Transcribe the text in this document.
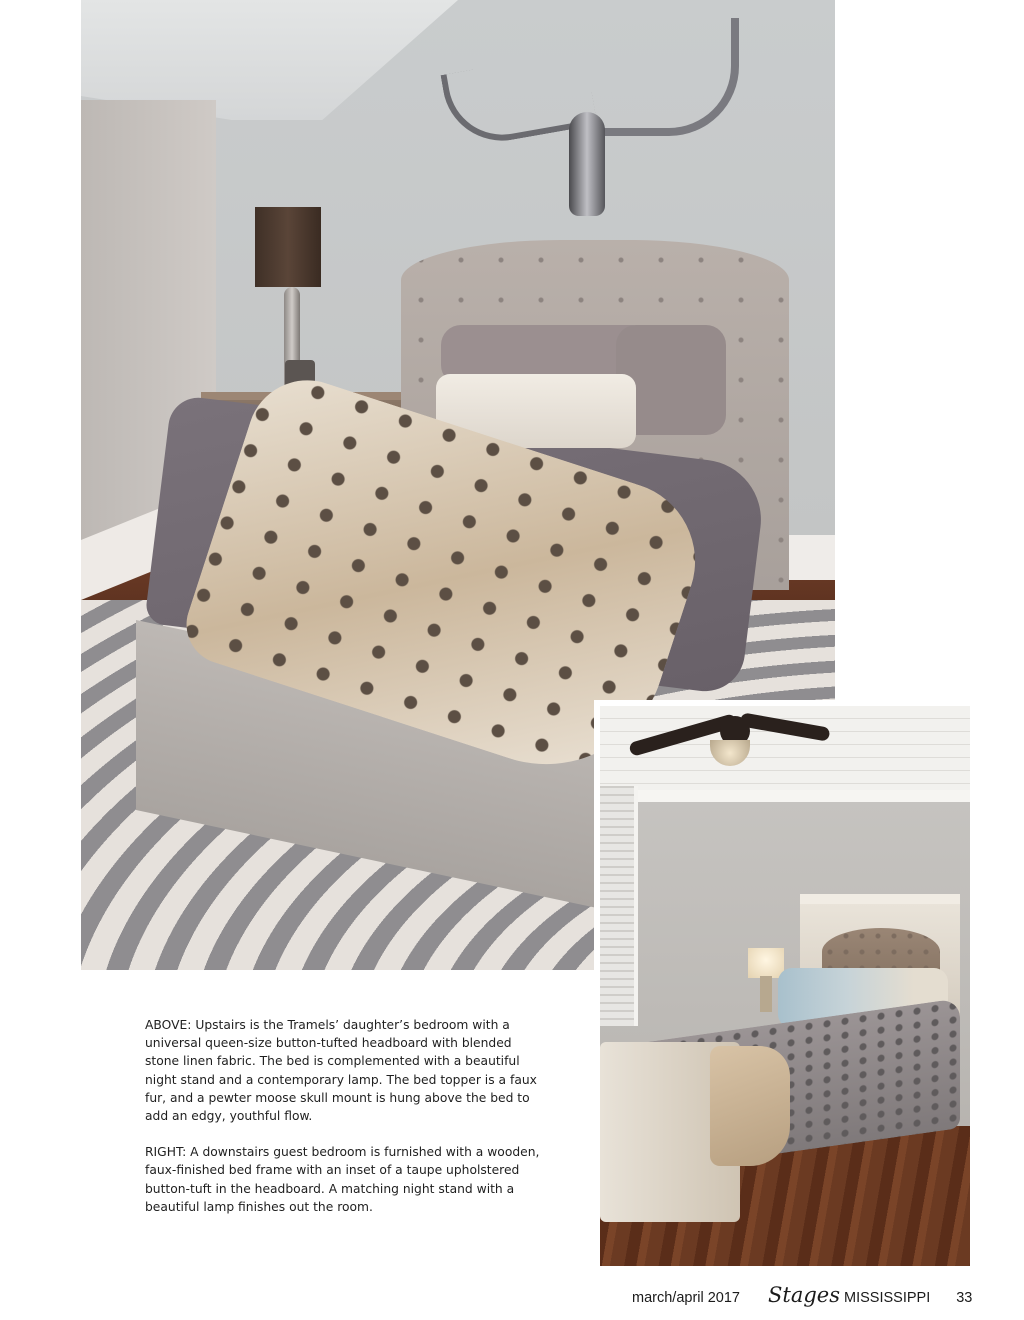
ABOVE: Upstairs is the Tramels’ daughter’s bedroom with a universal queen-size button-tufted headboard with blended stone linen fabric. The bed is complemented with a beautiful night stand and a contemporary lamp. The bed topper is a faux fur, and a pewter moose skull mount is hung above the bed to add an edgy, youthful flow.

RIGHT: A downstairs guest bedroom is furnished with a wooden, faux-finished bed frame with an inset of a taupe upholstered button-tuft in the headboard. A matching night stand with a beautiful lamp finishes out the room.

march/april 2017 Stages MISSISSIPPI 33
